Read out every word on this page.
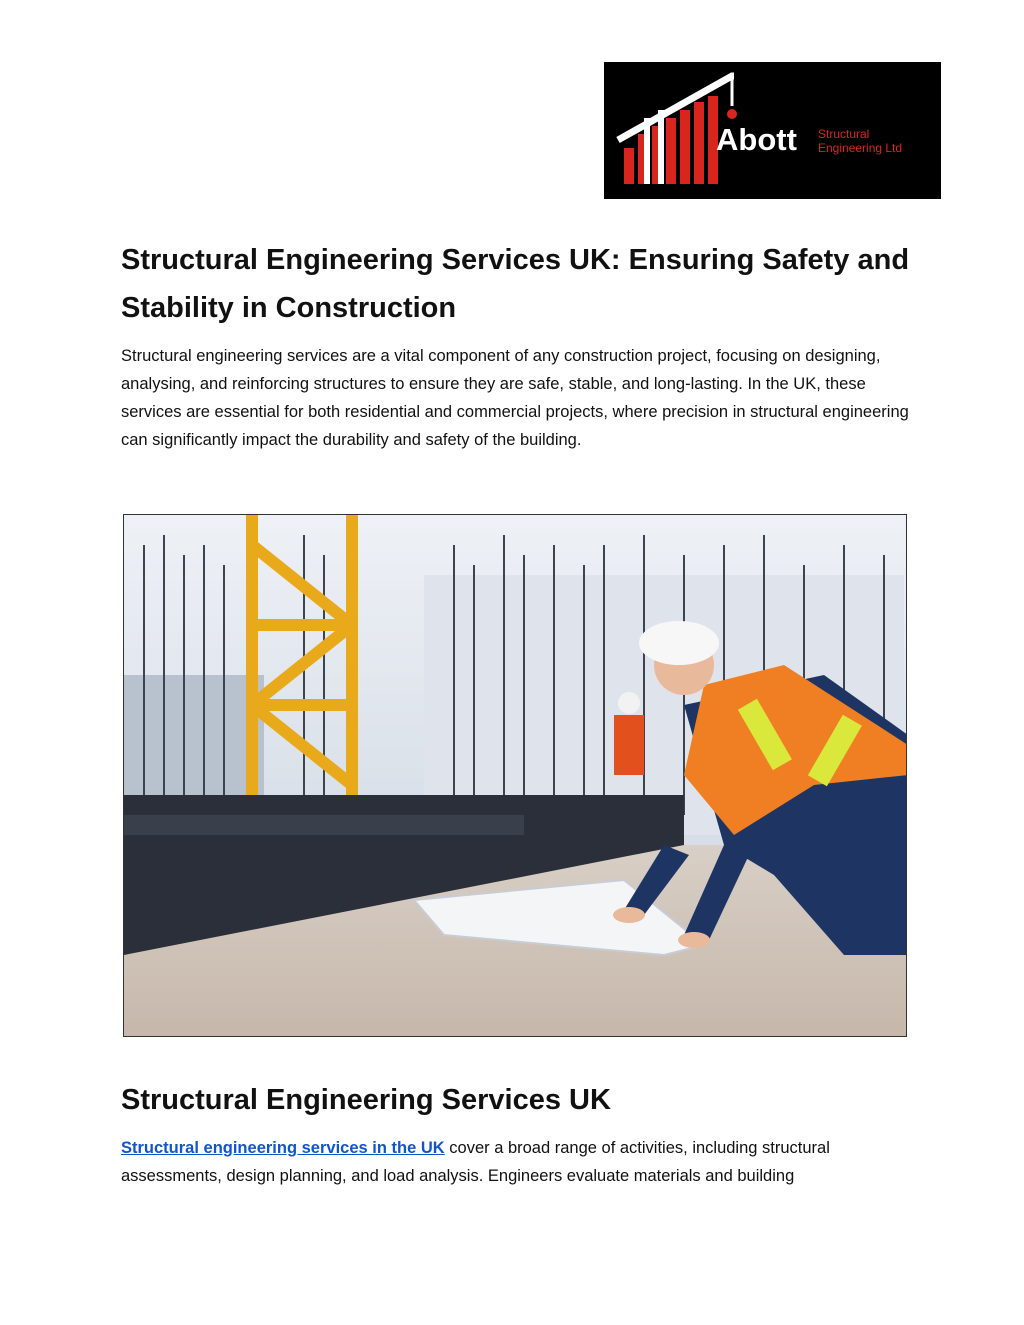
Abott Structural
Engineering Ltd
Structural Engineering Services UK: Ensuring Safety and Stability in Construction

Structural engineering services are a vital component of any construction project, focusing on designing, analysing, and reinforcing structures to ensure they are safe, stable, and long-lasting. In the UK, these services are essential for both residential and commercial projects, where precision in structural engineering can significantly impact the durability and safety of the building.

Structural Engineering Services UK

Structural engineering services in the UK cover a broad range of activities, including structural assessments, design planning, and load analysis. Engineers evaluate materials and building
